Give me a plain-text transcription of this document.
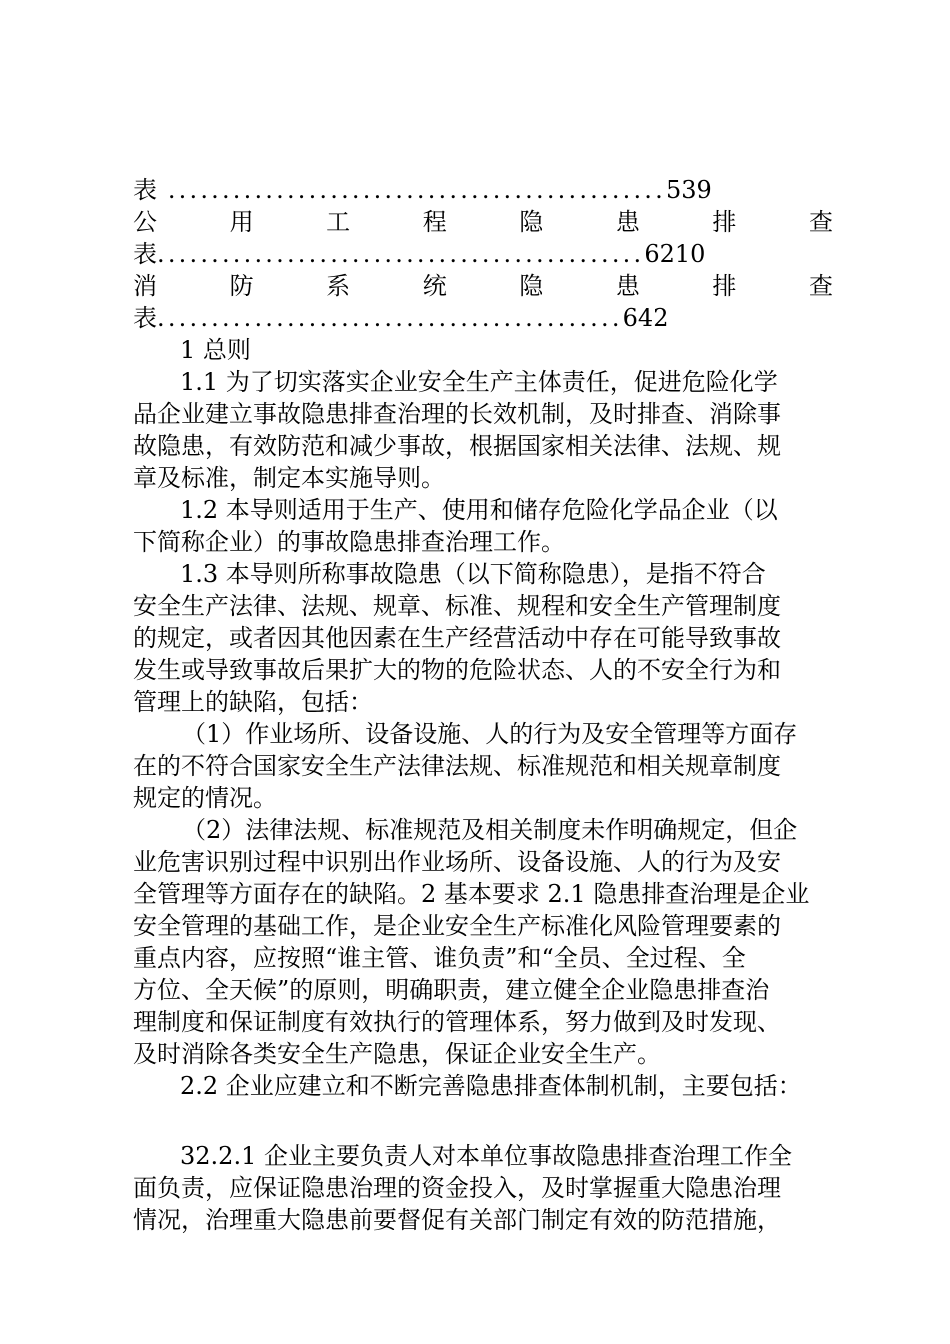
表 ..............................................539
公	用	工	程	隐	患	排	查
表.............................................6210
消	防	系	统	隐	患	排	查
表...........................................642
1 总则
1.1 为了切实落实企业安全生产主体责任，促进危险化学
品企业建立事故隐患排查治理的长效机制，及时排查、消除事
故隐患，有效防范和减少事故，根据国家相关法律、法规、规
章及标准，制定本实施导则。
1.2 本导则适用于生产、使用和储存危险化学品企业（以
下简称企业）的事故隐患排查治理工作。
1.3 本导则所称事故隐患（以下简称隐患），是指不符合
安全生产法律、法规、规章、标准、规程和安全生产管理制度
的规定，或者因其他因素在生产经营活动中存在可能导致事故
发生或导致事故后果扩大的物的危险状态、人的不安全行为和
管理上的缺陷，包括：
（1）作业场所、设备设施、人的行为及安全管理等方面存
在的不符合国家安全生产法律法规、标准规范和相关规章制度
规定的情况。
（2）法律法规、标准规范及相关制度未作明确规定，但企
业危害识别过程中识别出作业场所、设备设施、人的行为及安
全管理等方面存在的缺陷。2 基本要求 2.1 隐患排查治理是企业
安全管理的基础工作，是企业安全生产标准化风险管理要素的
重点内容，应按照“谁主管、谁负责”和“全员、全过程、全
方位、全天候”的原则，明确职责，建立健全企业隐患排查治
理制度和保证制度有效执行的管理体系，努力做到及时发现、
及时消除各类安全生产隐患，保证企业安全生产。
2.2 企业应建立和不断完善隐患排查体制机制，主要包括：
32.2.1 企业主要负责人对本单位事故隐患排查治理工作全
面负责，应保证隐患治理的资金投入，及时掌握重大隐患治理
情况，治理重大隐患前要督促有关部门制定有效的防范措施，
